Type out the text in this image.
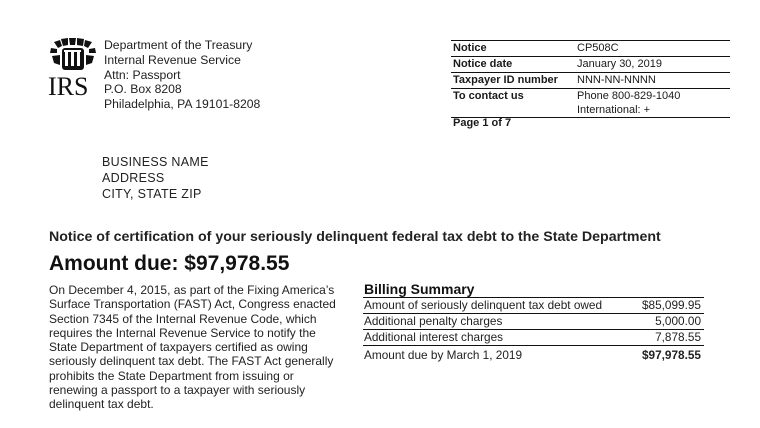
IRS
Department of the Treasury
Internal Revenue Service
Attn: Passport
P.O. Box 8208
Philadelphia, PA 19101-8208
Notice	CP508C
Notice date	January 30, 2019
Taxpayer ID number	NNN-NN-NNNN
To contact us	Phone 800-829-1040
International: +
Page 1 of 7
BUSINESS NAME
ADDRESS
CITY, STATE ZIP
Notice of certification of your seriously delinquent federal tax debt to the State Department
Amount due: $97,978.55
On December 4, 2015, as part of the Fixing America’s Surface Transportation (FAST) Act, Congress enacted Section 7345 of the Internal Revenue Code, which requires the Internal Revenue Service to notify the State Department of taxpayers certified as owing seriously delinquent tax debt. The FAST Act generally prohibits the State Department from issuing or renewing a passport to a taxpayer with seriously delinquent tax debt.
Billing Summary
Amount of seriously delinquent tax debt owed	$85,099.95
Additional penalty charges	5,000.00
Additional interest charges	7,878.55
Amount due by March 1, 2019	$97,978.55
